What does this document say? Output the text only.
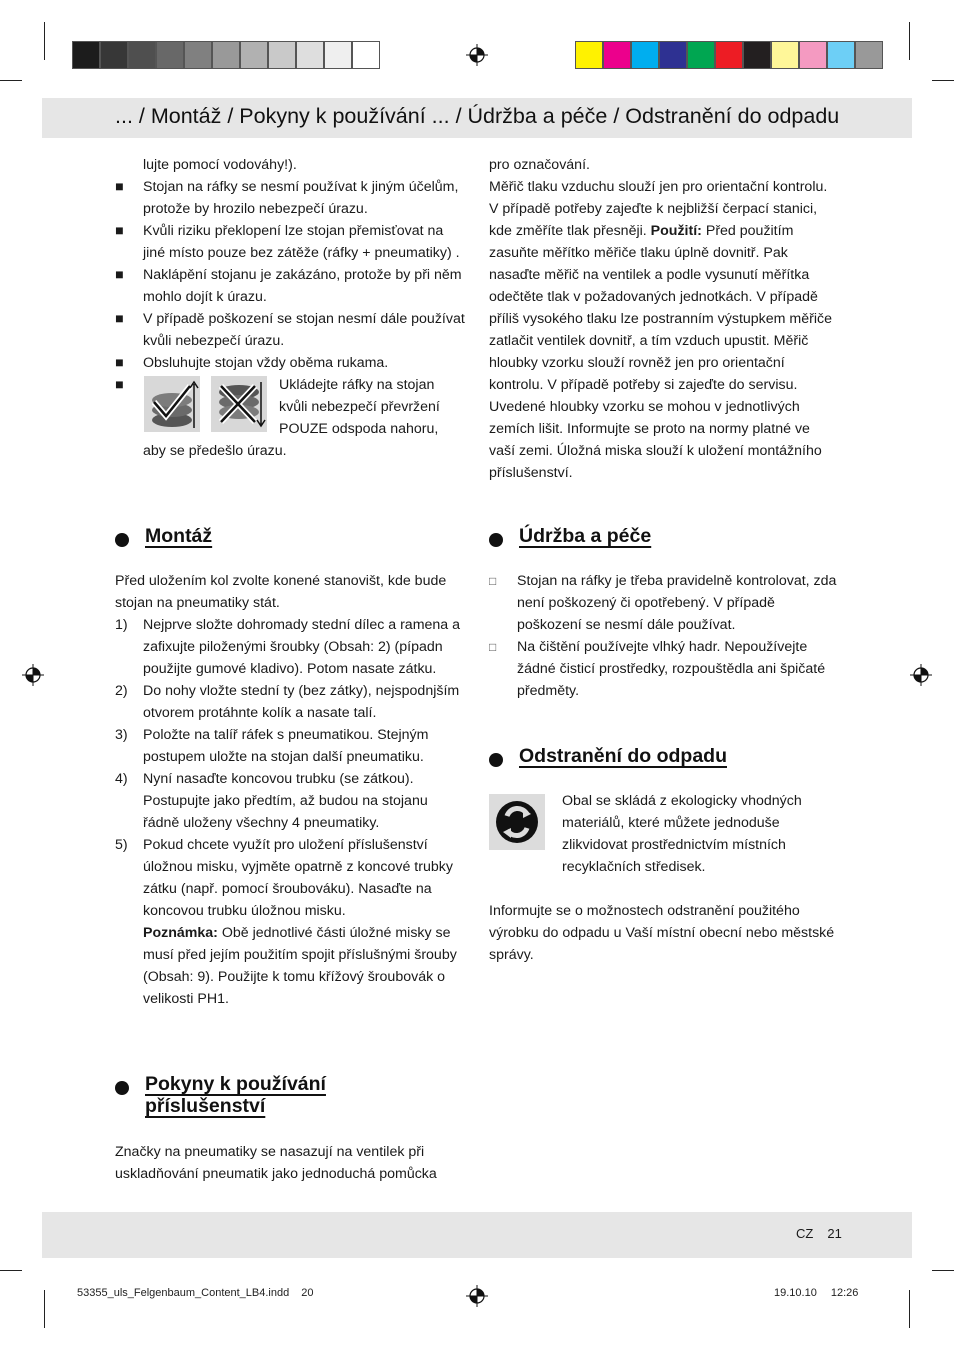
... / Montáž / Pokyny k používání ... / Údržba a péče / Odstranění do odpadu

lujte pomocí vodováhy!).

■ Stojan na ráfky se nesmí používat k jiným účelům, protože by hrozilo nebezpečí úrazu.
■ Kvůli riziku překlopení lze stojan přemisťovat na jiné místo pouze bez zátěže (ráfky + pneumatiky) .
■ Naklápění stojanu je zakázáno, protože by při něm mohlo dojít k úrazu.
■ V případě poškození se stojan nesmí dále používat kvůli nebezpečí úrazu.
■ Obsluhujte stojan vždy oběma rukama.
■	Ukládejte ráfky na stojan
kvůli nebezpečí převržení
POUZE odspoda nahoru,

aby se předešlo úrazu.

Montáž

Před uložením kol zvolte konené stanovišt, kde bude stojan na pneumatiky stát.

1) Nejprve složte dohromady stední dílec a ramena a zafixujte piloženými šroubky (Obsah: 2) (pípadn použijte gumové kladivo). Potom nasate zátku.
2) Do nohy vložte stední ty (bez zátky), nejspodnjším otvorem protáhnte kolík a nasate talí.
3) Položte na talíř ráfek s pneumatikou. Stejným postupem uložte na stojan další pneumatiku.
4) Nyní nasaďte koncovou trubku (se zátkou). Postupujte jako předtím, až budou na stojanu řádně uloženy všechny 4 pneumatiky.
5) Pokud chcete využít pro uložení příslušenství úložnou misku, vyjměte opatrně z koncové trubky zátku (např. pomocí šroubováku). Nasaďte na koncovou trubku úložnou misku.

Poznámka: Obě jednotlivé části úložné misky se musí před jejím použitím spojit příslušnými šrouby (Obsah: 9). Použijte k tomu křížový šroubovák o velikosti PH1.

Pokyny k používání
příslušenství

Značky na pneumatiky se nasazují na ventilek při uskladňování pneumatik jako jednoduchá pomůcka

pro označování.

Měřič tlaku vzduchu slouží jen pro orientační kontrolu. V případě potřeby zajeďte k nejbližší čerpací stanici, kde změříte tlak přesněji. Použití: Před použitím zasuňte měřítko měřiče tlaku úplně dovnitř. Pak nasaďte měřič na ventilek a podle vysunutí měřítka odečtěte tlak v požadovaných jednotkách. V případě příliš vysokého tlaku lze postranním výstupkem měřiče zatlačit ventilek dovnitř, a tím vzduch upustit. Měřič hloubky vzorku slouží rovněž jen pro orientační kontrolu. V případě potřeby si zajeďte do servisu. Uvedené hloubky vzorku se mohou v jednotlivých zemích lišit. Informujte se proto na normy platné ve vaší zemi. Úložná miska slouží k uložení montážního příslušenství.

Údržba a péče
□ Stojan na ráfky je třeba pravidelně kontrolovat, zda není poškozený či opotřebený. V případě poškození se nesmí dále používat.
□ Na čištění používejte vlhký hadr. Nepoužívejte žádné čisticí prostředky, rozpouštědla ani špičaté předměty.
Odstranění do odpadu

Obal se skládá z ekologicky vhodných materiálů, které můžete jednoduše zlikvidovat prostřednictvím místních recyklačních středisek.

Informujte se o možnostech odstranění použitého výrobku do odpadu u Vaší místní obecní nebo městské správy.

CZ 21
53355_uls_Felgenbaum_Content_LB4.indd 20	19.10.10 12:26
